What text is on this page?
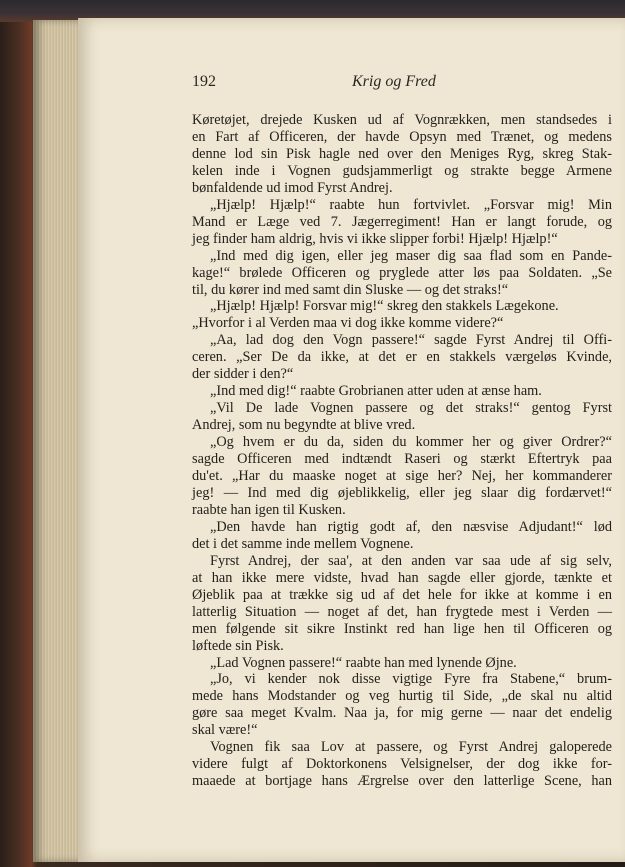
192	Krig og Fred
Køretøjet, drejede Kusken ud af Vognrækken, men standsedes i
en Fart af Officeren, der havde Opsyn med Trænet, og medens
denne lod sin Pisk hagle ned over den Meniges Ryg, skreg Stak-
kelen inde i Vognen gudsjammerligt og strakte begge Armene
bønfaldende ud imod Fyrst Andrej.
„Hjælp! Hjælp!“ raabte hun fortvivlet. „Forsvar mig! Min
Mand er Læge ved 7. Jægerregiment! Han er langt forude, og
jeg finder ham aldrig, hvis vi ikke slipper forbi! Hjælp! Hjælp!“
„Ind med dig igen, eller jeg maser dig saa flad som en Pande-
kage!“ brølede Officeren og pryglede atter løs paa Soldaten. „Se
til, du kører ind med samt din Sluske — og det straks!“
„Hjælp! Hjælp! Forsvar mig!“ skreg den stakkels Lægekone.
„Hvorfor i al Verden maa vi dog ikke komme videre?“
„Aa, lad dog den Vogn passere!“ sagde Fyrst Andrej til Offi-
ceren. „Ser De da ikke, at det er en stakkels værgeløs Kvinde,
der sidder i den?“
„Ind med dig!“ raabte Grobrianen atter uden at ænse ham.
„Vil De lade Vognen passere og det straks!“ gentog Fyrst
Andrej, som nu begyndte at blive vred.
„Og hvem er du da, siden du kommer her og giver Ordrer?“
sagde Officeren med indtændt Raseri og stærkt Eftertryk paa
du'et. „Har du maaske noget at sige her? Nej, her kommanderer
jeg! — Ind med dig øjeblikkelig, eller jeg slaar dig fordærvet!“
raabte han igen til Kusken.
„Den havde han rigtig godt af, den næsvise Adjudant!“ lød
det i det samme inde mellem Vognene.
Fyrst Andrej, der saa', at den anden var saa ude af sig selv,
at han ikke mere vidste, hvad han sagde eller gjorde, tænkte et
Øjeblik paa at trække sig ud af det hele for ikke at komme i en
latterlig Situation — noget af det, han frygtede mest i Verden —
men følgende sit sikre Instinkt red han lige hen til Officeren og
løftede sin Pisk.
„Lad Vognen passere!“ raabte han med lynende Øjne.
„Jo, vi kender nok disse vigtige Fyre fra Stabene,“ brum-
mede hans Modstander og veg hurtig til Side, „de skal nu altid
gøre saa meget Kvalm. Naa ja, for mig gerne — naar det endelig
skal være!“
Vognen fik saa Lov at passere, og Fyrst Andrej galoperede
videre fulgt af Doktorkonens Velsignelser, der dog ikke for-
maaede at bortjage hans Ærgrelse over den latterlige Scene, han
